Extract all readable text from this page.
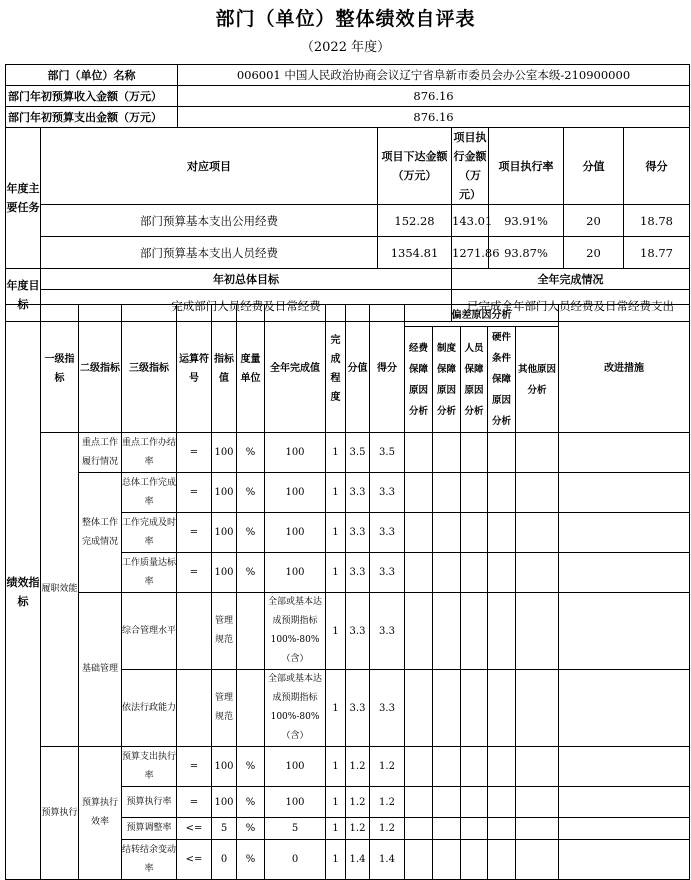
部门（单位）整体绩效自评表
（2022 年度）
部门（单位）名称		006001 中国人民政治协商会议辽宁省阜新市委员会办公室本级-210900000					
部门年初预算收入金额（万元）		876.16					
部门年初预算支出金额（万元）		876.16					
年度主要任务	对应项目		项目下达金额（万元）	项目执行金额（万元）	项目执行率	分值	得分
	部门预算基本支出公用经费		152.28	143.01	93.91%	20	18.78
	部门预算基本支出人员经费		1354.81	1271.86	93.87%	20	18.77
年度目标	年初总体目标			全年完成情况			
	完成部门人员经费及日常经费			已完成全年部门人员经费及日常经费支出			
绩效指标	一级指标	二级指标	三级指标	运算符号	指标值	度量单位	全年完成值	完成程度	分值	得分	偏差原因分析					改进措施
											经费保障原因分析	制度保障原因分析	人员保障原因分析	硬件条件保障原因分析	其他原因分析	
	履职效能	重点工作履行情况	重点工作办结率	=	100	%	100	1	3.5	3.5						
		整体工作完成情况	总体工作完成率	=	100	%	100	1	3.3	3.3						
			工作完成及时率	=	100	%	100	1	3.3	3.3						
			工作质量达标率	=	100	%	100	1	3.3	3.3						
		基础管理	综合管理水平		管理规范		全部或基本达成预期指标100%-80%（含）	1	3.3	3.3						
			依法行政能力		管理规范		全部或基本达成预期指标100%-80%（含）	1	3.3	3.3						
	预算执行	预算执行效率	预算支出执行率	=	100	%	100	1	1.2	1.2						
			预算执行率	=	100	%	100	1	1.2	1.2						
			预算调整率	<=	5	%	5	1	1.2	1.2						
			结转结余变动率	<=	0	%	0	1	1.4	1.4						
